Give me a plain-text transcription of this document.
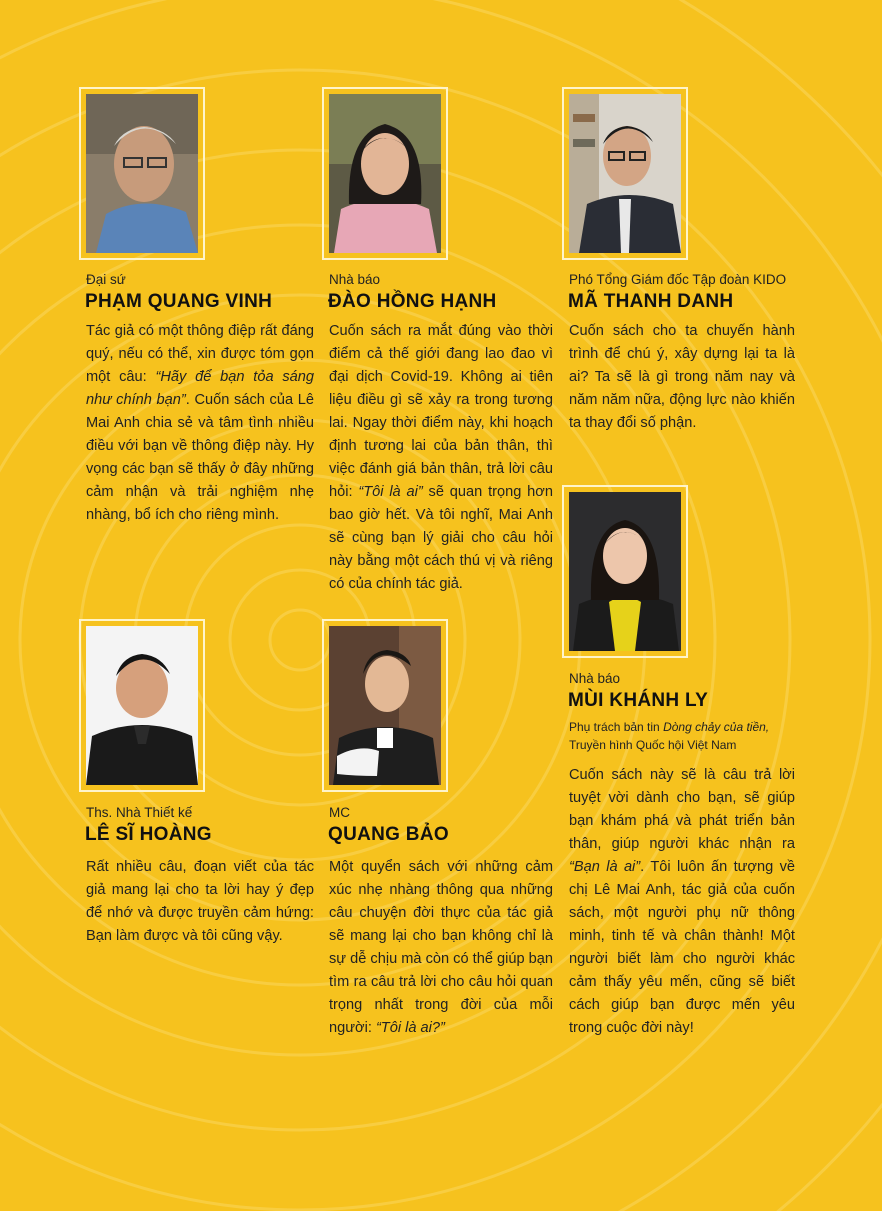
Đại sứ
PHẠM QUANG VINH

Tác giả có một thông điệp rất đáng quý, nếu có thể, xin được tóm gọn một câu: “Hãy để bạn tỏa sáng như chính bạn”. Cuốn sách của Lê Mai Anh chia sẻ và tâm tình nhiều điều với bạn về thông điệp này. Hy vọng các bạn sẽ thấy ở đây những cảm nhận và trải nghiệm nhẹ nhàng, bổ ích cho riêng mình.

Nhà báo
ĐÀO HỒNG HẠNH

Cuốn sách ra mắt đúng vào thời điểm cả thế giới đang lao đao vì đại dịch Covid-19. Không ai tiên liệu điều gì sẽ xảy ra trong tương lai. Ngay thời điểm này, khi hoạch định tương lai của bản thân, thì việc đánh giá bản thân, trả lời câu hỏi: “Tôi là ai” sẽ quan trọng hơn bao giờ hết. Và tôi nghĩ, Mai Anh sẽ cùng bạn lý giải cho câu hỏi này bằng một cách thú vị và riêng có của chính tác giả.

Phó Tổng Giám đốc Tập đoàn KIDO
MÃ THANH DANH

Cuốn sách cho ta chuyến hành trình để chú ý, xây dựng lại ta là ai? Ta sẽ là gì trong năm nay và năm năm nữa, động lực nào khiến ta thay đổi số phận.

Ths. Nhà Thiết kế
LÊ SĨ HOÀNG

Rất nhiều câu, đoạn viết của tác giả mang lại cho ta lời hay ý đẹp để nhớ và được truyền cảm hứng: Bạn làm được và tôi cũng vậy.

MC
QUANG BẢO

Một quyển sách với những cảm xúc nhẹ nhàng thông qua những câu chuyện đời thực của tác giả sẽ mang lại cho bạn không chỉ là sự dễ chịu mà còn có thể giúp bạn tìm ra câu trả lời cho câu hỏi quan trọng nhất trong đời của mỗi người: “Tôi là ai?”

Nhà báo
MÙI KHÁNH LY
Phụ trách bản tin Dòng chảy của tiền,
Truyền hình Quốc hội Việt Nam

Cuốn sách này sẽ là câu trả lời tuyệt vời dành cho bạn, sẽ giúp bạn khám phá và phát triển bản thân, giúp người khác nhận ra “Bạn là ai”. Tôi luôn ấn tượng về chị Lê Mai Anh, tác giả của cuốn sách, một người phụ nữ thông minh, tinh tế và chân thành! Một người biết làm cho người khác cảm thấy yêu mến, cũng sẽ biết cách giúp bạn được mến yêu trong cuộc đời này!
